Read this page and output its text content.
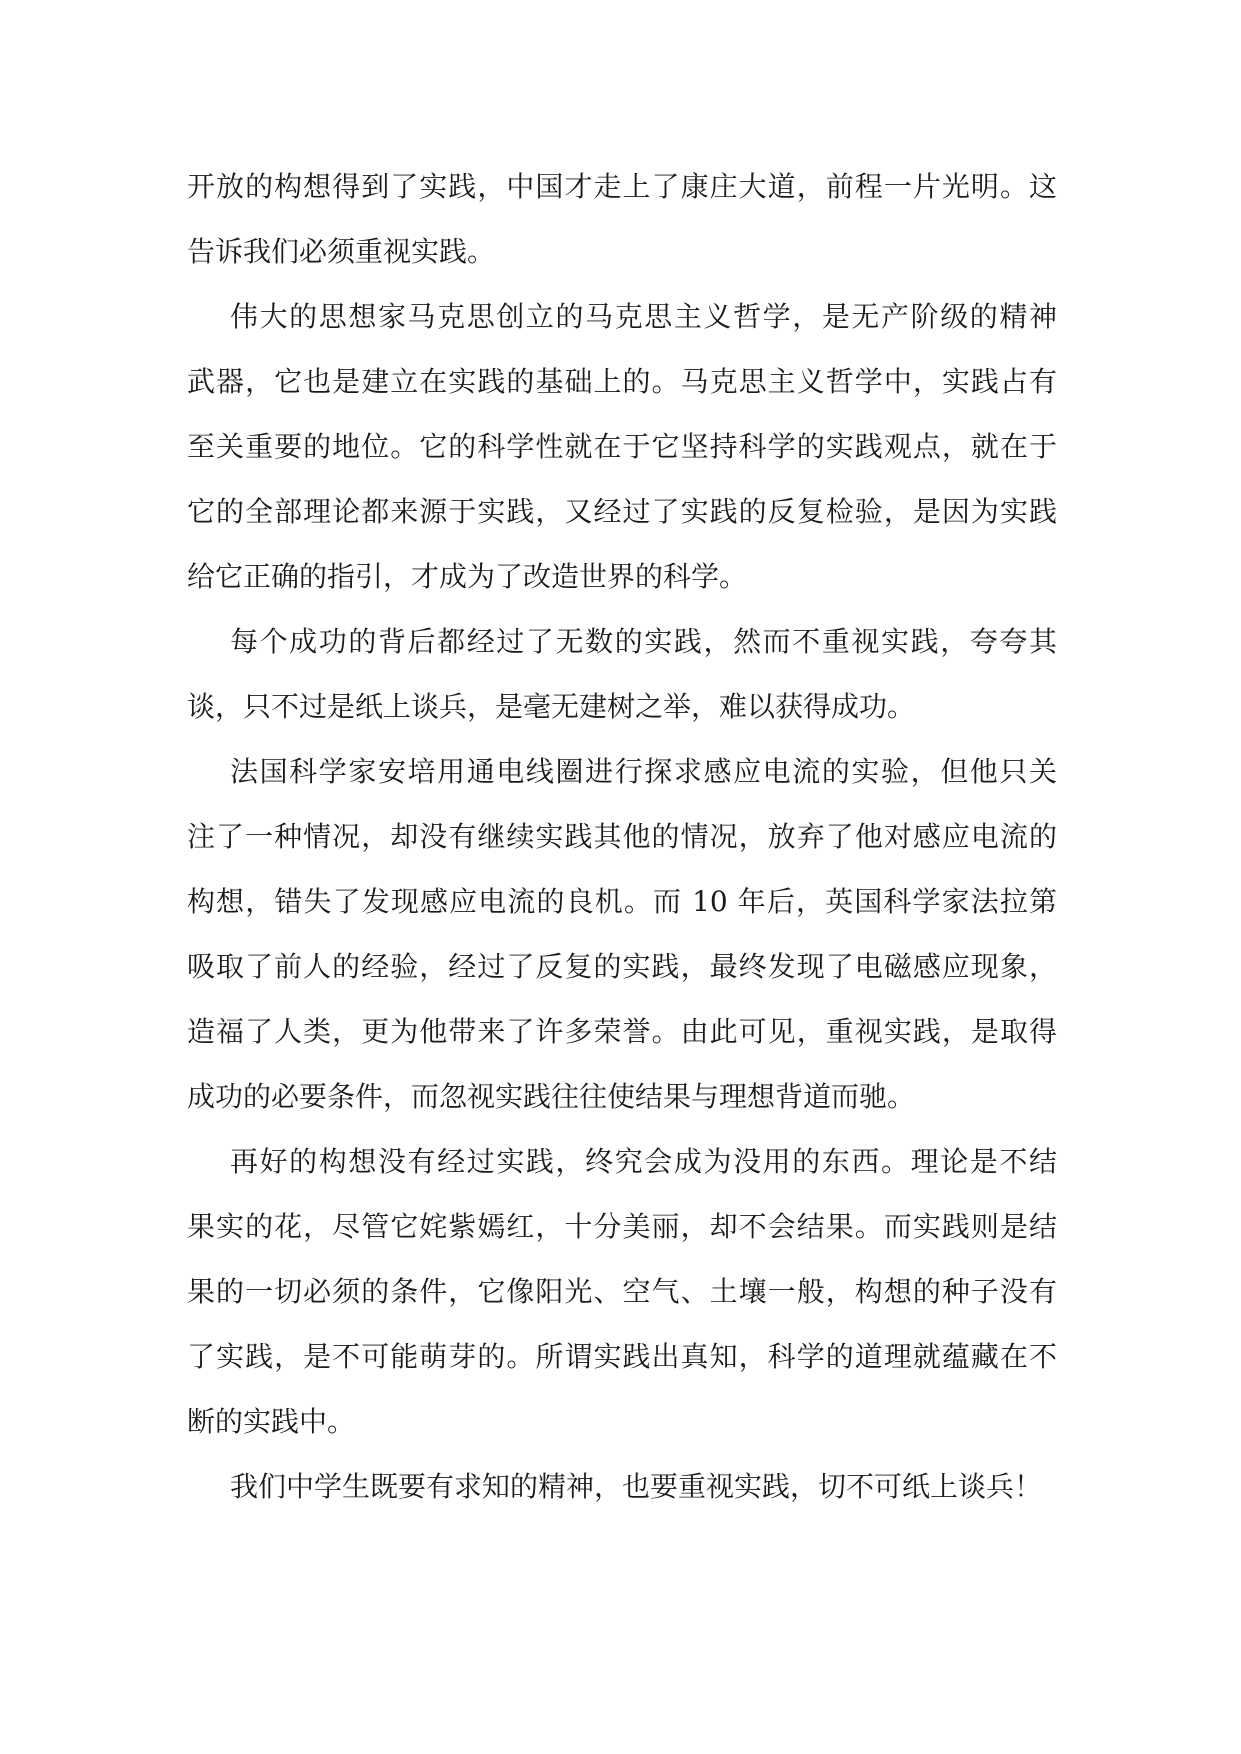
开放的构想得到了实践，中国才走上了康庄大道，前程一片光明。这
告诉我们必须重视实践。
伟大的思想家马克思创立的马克思主义哲学，是无产阶级的精神
武器，它也是建立在实践的基础上的。马克思主义哲学中，实践占有
至关重要的地位。它的科学性就在于它坚持科学的实践观点，就在于
它的全部理论都来源于实践，又经过了实践的反复检验，是因为实践
给它正确的指引，才成为了改造世界的科学。
每个成功的背后都经过了无数的实践，然而不重视实践，夸夸其
谈，只不过是纸上谈兵，是毫无建树之举，难以获得成功。
法国科学家安培用通电线圈进行探求感应电流的实验，但他只关
注了一种情况，却没有继续实践其他的情况，放弃了他对感应电流的
构想，错失了发现感应电流的良机。而 10 年后，英国科学家法拉第
吸取了前人的经验，经过了反复的实践，最终发现了电磁感应现象，
造福了人类，更为他带来了许多荣誉。由此可见，重视实践，是取得
成功的必要条件，而忽视实践往往使结果与理想背道而驰。
再好的构想没有经过实践，终究会成为没用的东西。理论是不结
果实的花，尽管它姹紫嫣红，十分美丽，却不会结果。而实践则是结
果的一切必须的条件，它像阳光、空气、土壤一般，构想的种子没有
了实践，是不可能萌芽的。所谓实践出真知，科学的道理就蕴藏在不
断的实践中。
我们中学生既要有求知的精神，也要重视实践，切不可纸上谈兵！
